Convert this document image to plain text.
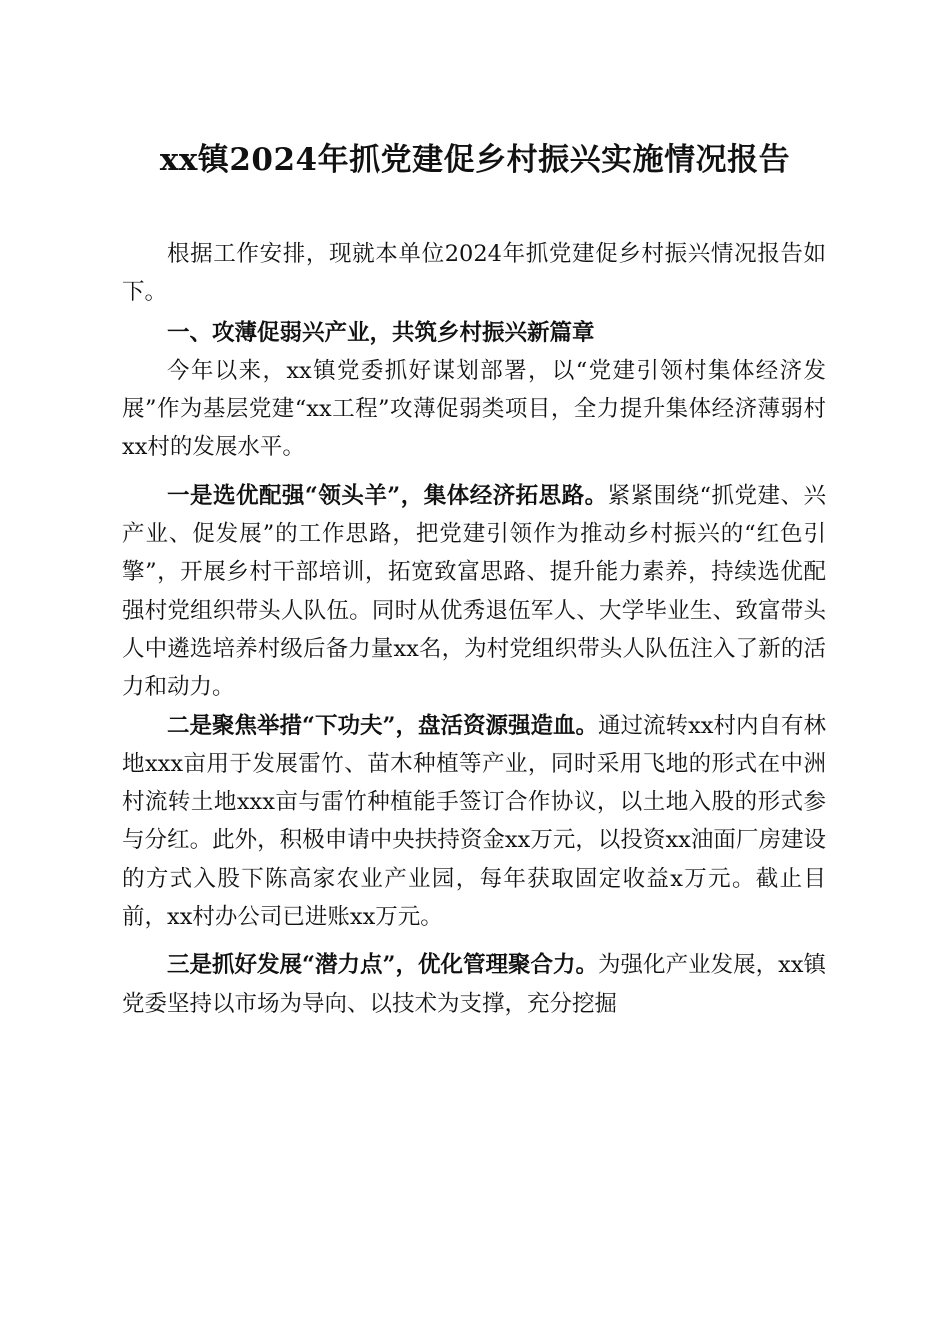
xx镇2024年抓党建促乡村振兴实施情况报告

根据工作安排，现就本单位2024年抓党建促乡村振兴情况报告如下。

一、攻薄促弱兴产业，共筑乡村振兴新篇章

今年以来，xx镇党委抓好谋划部署，以“党建引领村集体经济发展”作为基层党建“xx工程”攻薄促弱类项目，全力提升集体经济薄弱村xx村的发展水平。

一是选优配强“领头羊”，集体经济拓思路。紧紧围绕“抓党建、兴产业、促发展”的工作思路，把党建引领作为推动乡村振兴的“红色引擎”，开展乡村干部培训，拓宽致富思路、提升能力素养，持续选优配强村党组织带头人队伍。同时从优秀退伍军人、大学毕业生、致富带头人中遴选培养村级后备力量xx名，为村党组织带头人队伍注入了新的活力和动力。

二是聚焦举措“下功夫”，盘活资源强造血。通过流转xx村内自有林地xxx亩用于发展雷竹、苗木种植等产业，同时采用飞地的形式在中洲村流转土地xxx亩与雷竹种植能手签订合作协议，以土地入股的形式参与分红。此外，积极申请中央扶持资金xx万元，以投资xx油面厂房建设的方式入股下陈高家农业产业园，每年获取固定收益x万元。截止目前，xx村办公司已进账xx万元。

三是抓好发展“潜力点”，优化管理聚合力。为强化产业发展，xx镇党委坚持以市场为导向、以技术为支撑，充分挖掘
